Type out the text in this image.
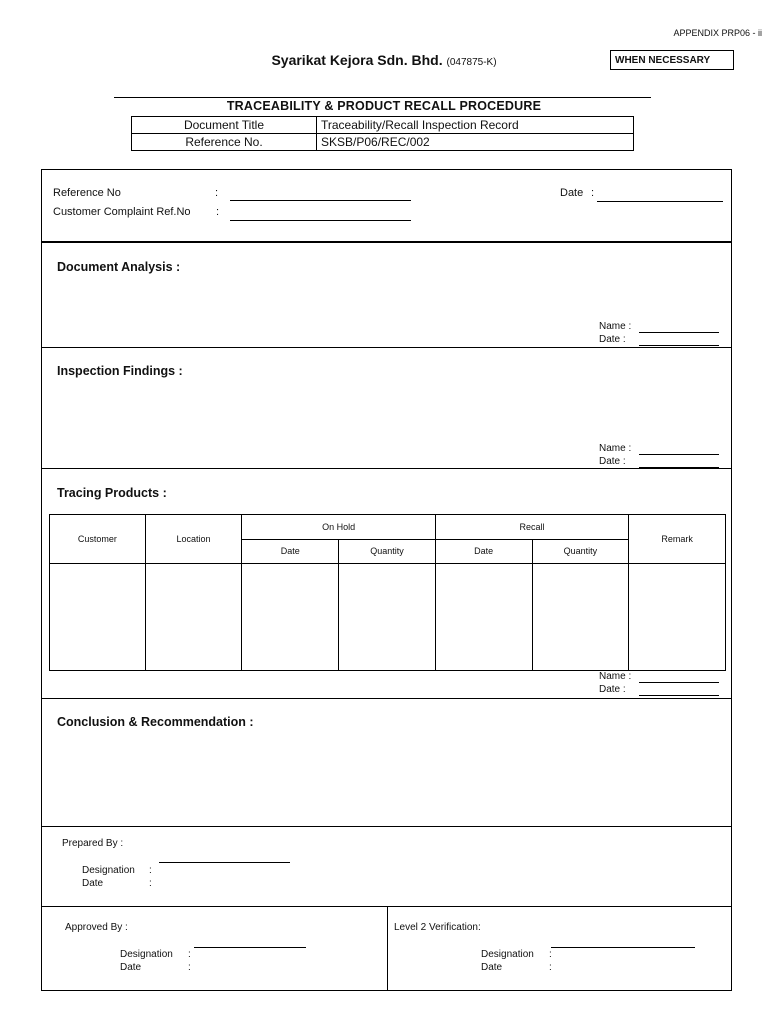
APPENDIX PRP06 - ii
Syarikat Kejora Sdn. Bhd. (047875-K)	WHEN NECESSARY
TRACEABILITY & PRODUCT RECALL PROCEDURE
Document Title	Traceability/Recall Inspection Record
Reference No.	SKSB/P06/REC/002
Reference No	:
Customer Complaint Ref.No :
Date :
Document Analysis :
Name :
Date :
Inspection Findings :
Name :
Date :
Tracing Products :
Customer	Location	On Hold		Recall		Remark
		Date	Quantity	Date	Quantity	

Name :
Date :
Conclusion & Recommendation :
Prepared By :
Designation :
Date	:
Approved By :
Designation :
Date	:
Level 2 Verification:
Designation :
Date	:
